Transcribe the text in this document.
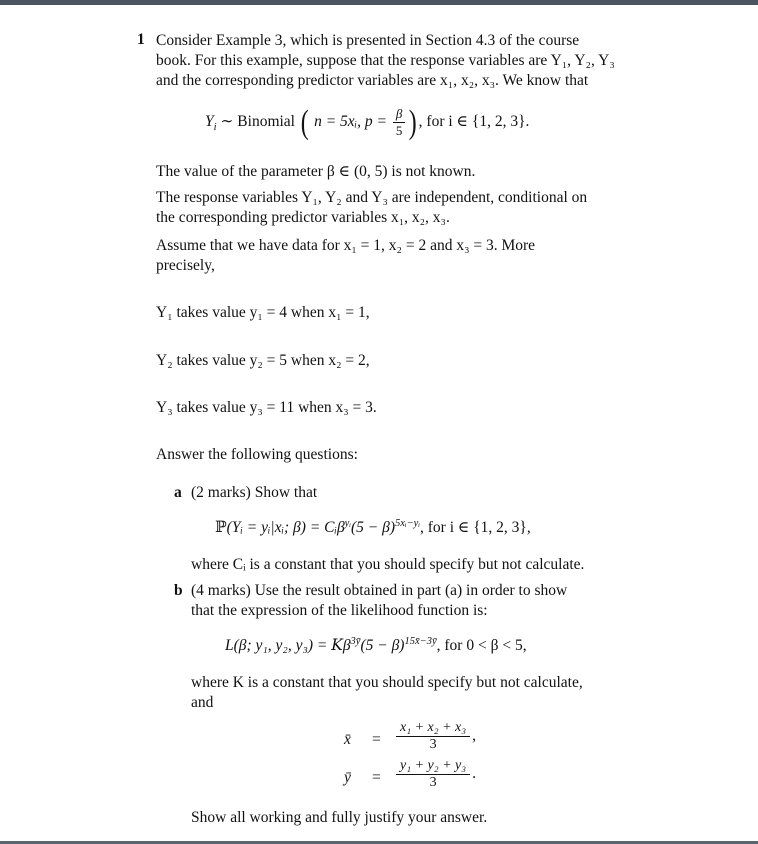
1 Consider Example 3, which is presented in Section 4.3 of the course
book. For this example, suppose that the response variables are Y₁, Y₂, Y₃
and the corresponding predictor variables are x₁, x₂, x₃. We know that
$Y_i$ ∼ Binomial ( n = 5xᵢ, $p = \frac{\beta}{5}$ ) , for i ∈ {1, 2, 3}.
The value of the parameter β ∈ (0, 5) is not known.
The response variables Y₁, Y₂ and Y₃ are independent, conditional on
the corresponding predictor variables x₁, x₂, x₃.
Assume that we have data for x₁ = 1, x₂ = 2 and x₃ = 3. More
precisely,
Y₁ takes value y₁ = 4 when x₁ = 1,
Y₂ takes value y₂ = 5 when x₂ = 2,
Y₃ takes value y₃ = 11 when x₃ = 3.
Answer the following questions:
a (2 marks) Show that
ℙ(Yᵢ = yᵢ|xᵢ; β) = Cᵢβ$^{yᵢ}$(5 − β)$^{5xᵢ-yᵢ}$, for i ∈ {1, 2, 3},
where Cᵢ is a constant that you should specify but not calculate.
b (4 marks) Use the result obtained in part (a) in order to show
that the expression of the likelihood function is:
L(β; y₁, y₂, $y_3) = K\beta^{3ȳ}(5 - \beta)^{15x̄-3ȳ}$, for 0 < β < 5,
where K is a constant that you should specify but not calculate,
and
x̄ = $\frac{\text{x₁ + x₂ + x₃}}{3}$ ,
ȳ = $\frac{\text{y₁ + y₂ + y₃}}{3}$ .
Show all working and fully justify your answer.
